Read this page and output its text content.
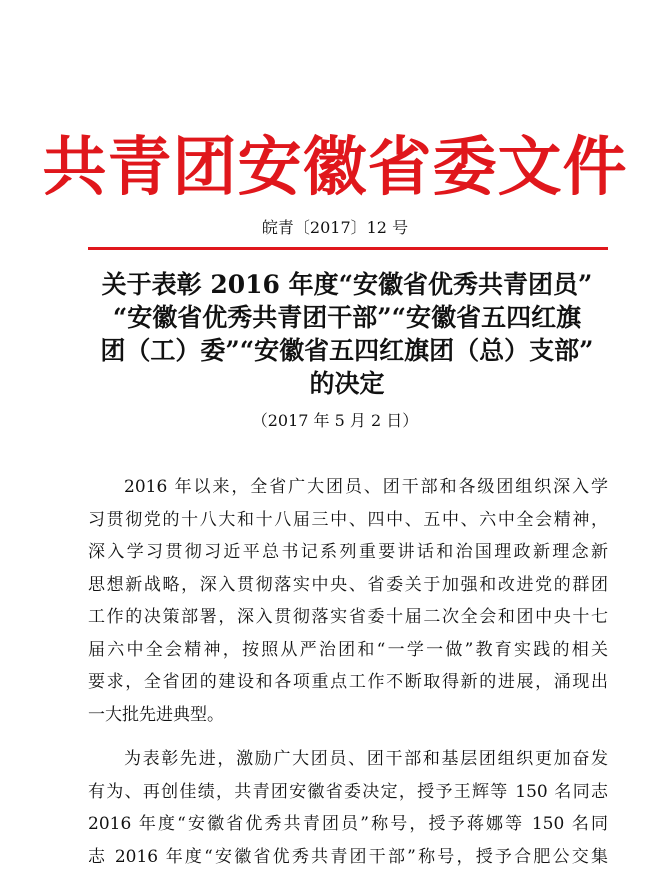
共青团安徽省委文件
皖青〔2017〕12 号
关于表彰 2016 年度“安徽省优秀共青团员”
“安徽省优秀共青团干部”“安徽省五四红旗
团（工）委”“安徽省五四红旗团（总）支部”
的决定
（2017 年 5 月 2 日）
2016 年以来，全省广大团员、团干部和各级团组织深入学
习贯彻党的十八大和十八届三中、四中、五中、六中全会精神，
深入学习贯彻习近平总书记系列重要讲话和治国理政新理念新
思想新战略，深入贯彻落实中央、省委关于加强和改进党的群团
工作的决策部署，深入贯彻落实省委十届二次全会和团中央十七
届六中全会精神，按照从严治团和“一学一做”教育实践的相关
要求，全省团的建设和各项重点工作不断取得新的进展，涌现出
一大批先进典型。
为表彰先进，激励广大团员、团干部和基层团组织更加奋发
有为、再创佳绩，共青团安徽省委决定，授予王辉等 150 名同志
2016 年度“安徽省优秀共青团员”称号，授予蒋娜等 150 名同
志 2016 年度“安徽省优秀共青团干部”称号，授予合肥公交集
